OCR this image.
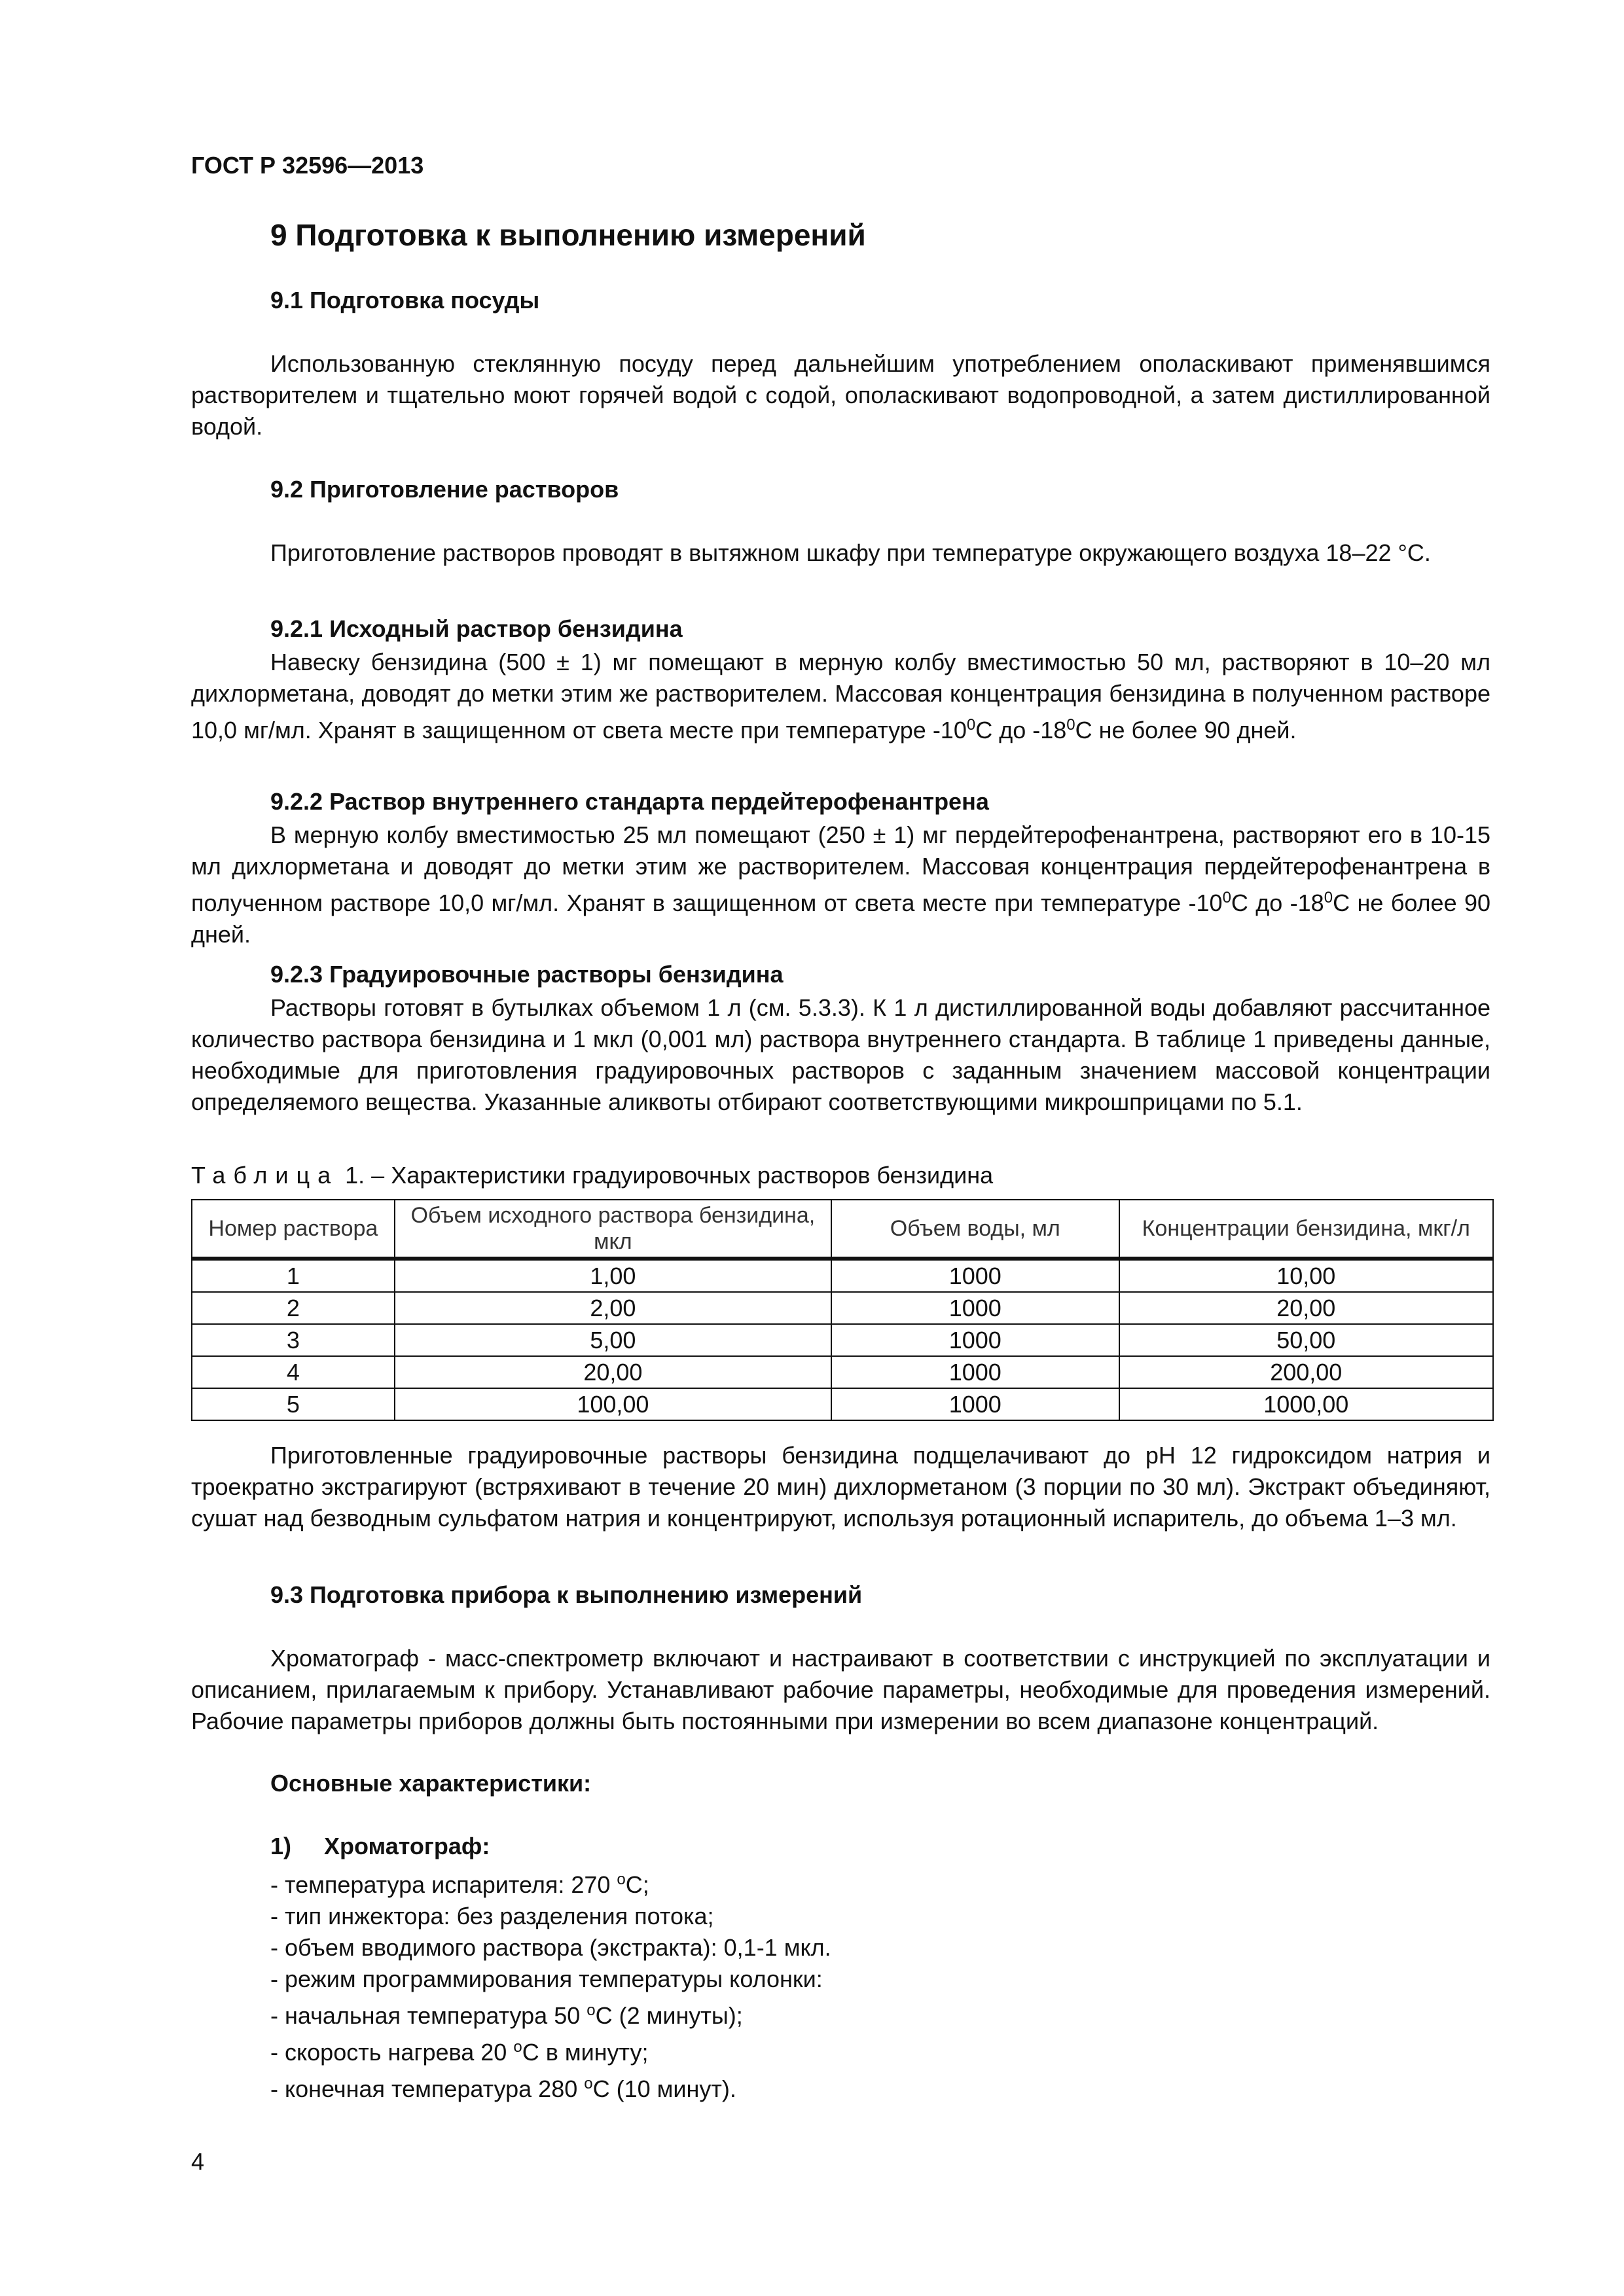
ГОСТ Р 32596—2013
9 Подготовка к выполнению измерений
9.1 Подготовка посуды
Использованную стеклянную посуду перед дальнейшим употреблением ополаскивают применявшимся растворителем и тщательно моют горячей водой с содой, ополаскивают водопроводной, а затем дистиллированной водой.
9.2 Приготовление растворов
Приготовление растворов проводят в вытяжном шкафу при температуре окружающего воздуха 18–22 °С.
9.2.1 Исходный раствор бензидина
Навеску бензидина (500 ± 1) мг помещают в мерную колбу вместимостью 50 мл, растворяют в 10–20 мл дихлорметана, доводят до метки этим же растворителем. Массовая концентрация бензидина в полученном растворе 10,0 мг/мл. Хранят в защищенном от света месте при температуре $-10^0С$ до $-18^0С$ не более 90 дней.
9.2.2 Раствор внутреннего стандарта пердейтерофенантрена
В мерную колбу вместимостью 25 мл помещают (250 ± 1) мг пердейтерофенантрена, растворяют его в 10-15 мл дихлорметана и доводят до метки этим же растворителем. Массовая концентрация пердейтерофенантрена в полученном растворе 10,0 мг/мл. Хранят в защищенном от света месте при температуре $-10^0С$ до $-18^0С$ не более 90 дней.
9.2.3 Градуировочные растворы бензидина
Растворы готовят в бутылках объемом 1 л (см. 5.3.3). К 1 л дистиллированной воды добавляют рассчитанное количество раствора бензидина и 1 мкл (0,001 мл) раствора внутреннего стандарта. В таблице 1 приведены данные, необходимые для приготовления градуировочных растворов с заданным значением массовой концентрации определяемого вещества. Указанные аликвоты отбирают соответствующими микрошприцами по 5.1.
Таблица 1. – Характеристики градуировочных растворов бензидина
Номер раствора	Объем исходного раствора бензидина, мкл	Объем воды, мл	Концентрации бензидина, мкг/л
1	1,00	1000	10,00
2	2,00	1000	20,00
3	5,00	1000	50,00
4	20,00	1000	200,00
5	100,00	1000	1000,00
Приготовленные градуировочные растворы бензидина подщелачивают до рН 12 гидроксидом натрия и троекратно экстрагируют (встряхивают в течение 20 мин) дихлорметаном (3 порции по 30 мл). Экстракт объединяют, сушат над безводным сульфатом натрия и концентрируют, используя ротационный испаритель, до объема 1–3 мл.
9.3 Подготовка прибора к выполнению измерений
Хроматограф - масс-спектрометр включают и настраивают в соответствии с инструкцией по эксплуатации и описанием, прилагаемым к прибору. Устанавливают рабочие параметры, необходимые для проведения измерений. Рабочие параметры приборов должны быть постоянными при измерении во всем диапазоне концентраций.
Основные характеристики:
1) Хроматограф:
- температура испарителя: 270 $^o$С;
- тип инжектора: без разделения потока;
- объем вводимого раствора (экстракта): 0,1-1 мкл.
- режим программирования температуры колонки:
- начальная температура 50 $^o$С (2 минуты);
- скорость нагрева 20 $^o$С в минуту;
- конечная температура 280 $^o$С (10 минут).
4
